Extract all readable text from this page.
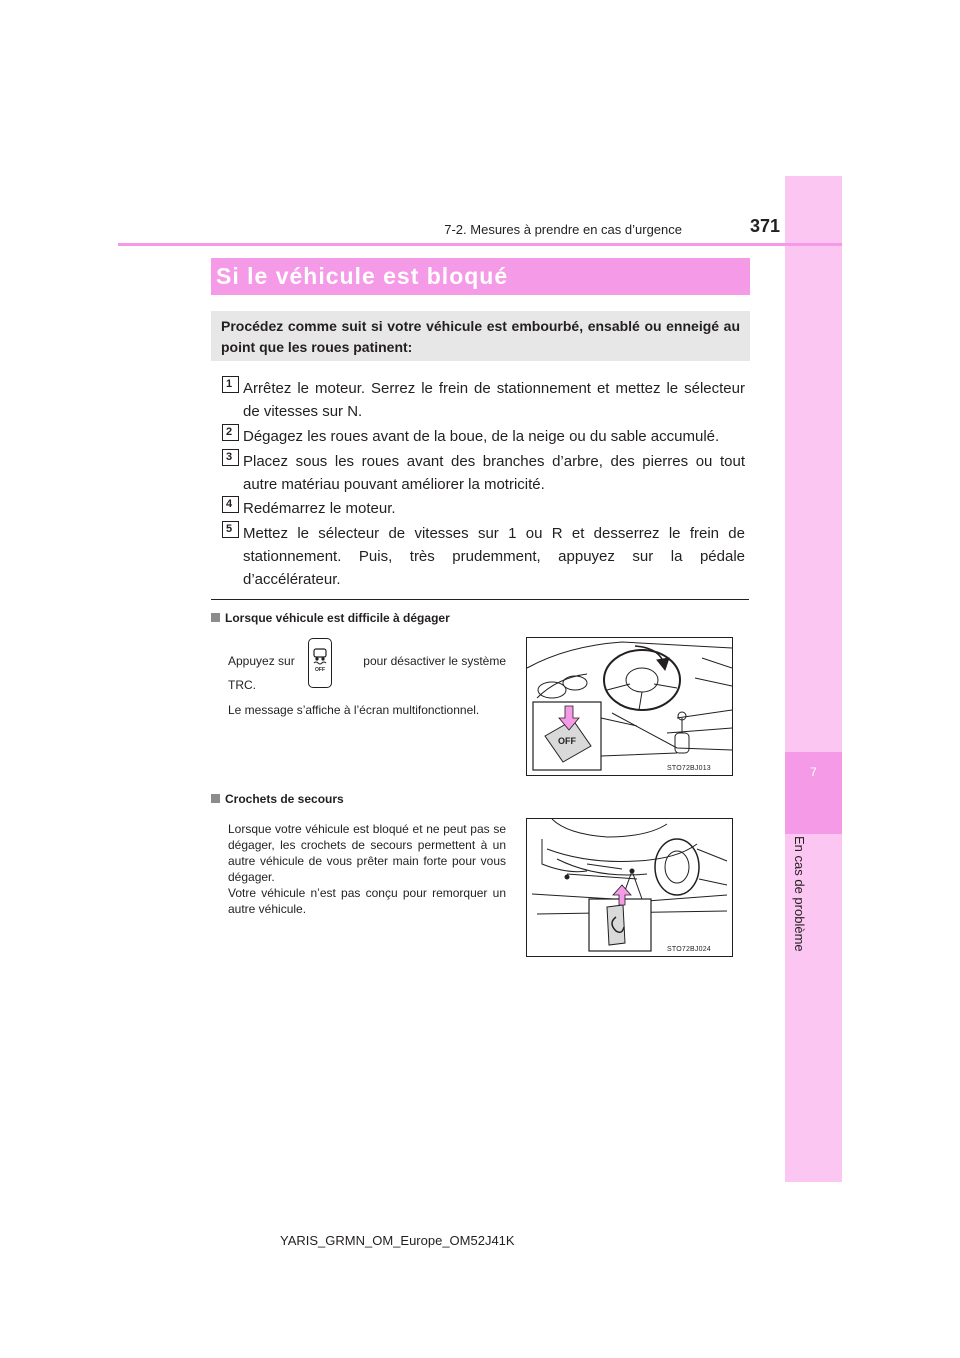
7
En cas de problème
7-2. Mesures à prendre en cas d’urgence	371
Si le véhicule est bloqué
Procédez comme suit si votre véhicule est embourbé, ensablé ou enneigé au point que les roues patinent:
1 Arrêtez le moteur. Serrez le frein de stationnement et mettez le sélecteur de vitesses sur N.
2 Dégagez les roues avant de la boue, de la neige ou du sable accumulé.
3 Placez sous les roues avant des branches d’arbre, des pierres ou tout autre matériau pouvant améliorer la motricité.
4 Redémarrez le moteur.
5 Mettez le sélecteur de vitesses sur 1 ou R et desserrez le frein de stationnement. Puis, très prudemment, appuyez sur la pédale d’accélérateur.
Lorsque véhicule est difficile à dégager
Appuyez sur
OFF
pour désactiver le système
TRC.
Le message s’affiche à l’écran multifonctionnel.
OFF
STO72BJ013
Crochets de secours
Lorsque votre véhicule est bloqué et ne peut pas se dégager, les crochets de secours permettent à un autre véhicule de vous prêter main forte pour vous dégager.
Votre véhicule n’est pas conçu pour remorquer un autre véhicule.
STO72BJ024
YARIS_GRMN_OM_Europe_OM52J41K
